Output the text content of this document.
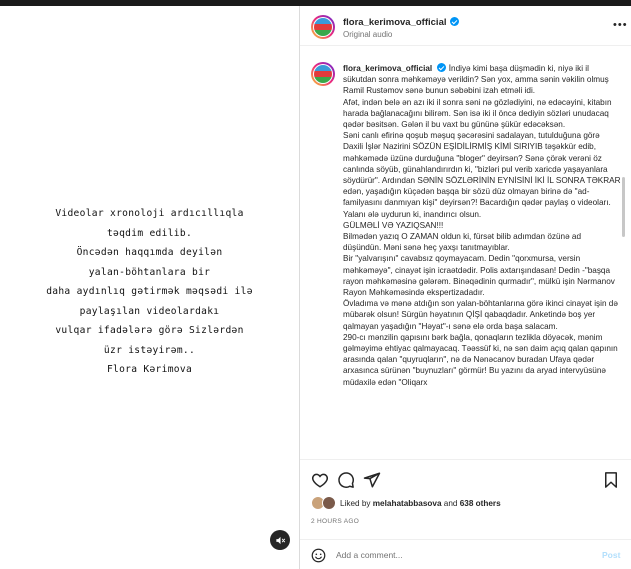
Videolar xronoloji ardıcıllıqla
təqdim edilib.
Öncədən haqqımda deyilən
yalan-böhtanlara bir
daha aydınlıq gətirmək məqsədi ilə
paylaşılan videolardakı
vulqar ifadələrə görə Sizlərdən
üzr istəyirəm..
Flora Kərimova
flora_kerimova_official
Original audio
•••
flora_kerimova_official İndiyə kimi başa düşmədin ki, niyə iki il sükutdan sonra məhkəməyə verildin? Sən yox, amma sənin vəkilin olmuş Ramil Rustəmov sənə bunun səbəbini izah etməli idi.
Afət, indən belə ən azı iki il sonra səni nə gözlədiyini, nə edəcəyini, kitabın harada bağlanacağını bilirəm. Sən isə iki il öncə dediyin sözləri unudacaq qədər bəsitsən. Gələn il bu vaxt bu gününə şükür edəcəksən.
Səni canlı efirinə qoşub məşuq şəcərəsini sadalayan, tutulduğuna görə Daxili İşlər Nazirini SÖZÜN EŞİDİLİRMİŞ KİMİ SIRIYIB təşəkkür edib, məhkəmədə üzünə durduğuna "bloger" deyirsən? Sənə çörək verəni öz canlında söyüb, günahlandırırdın ki, "bizləri pul verib xaricdə yaşayanlara söydürür". Ardından SƏNİN SÖZLƏRİNİN EYNİSİNİ İKİ İL SONRA TƏKRAR edən, yaşadığın küçədən başqa bir sözü düz olmayan birinə də "ad-familyasını danmıyan kişi" deyirsən?! Bacardığın qədər paylaş o videoları. Yalanı ələ uydurun ki, inandırıcı olsun.
GÜLMƏLİ VƏ YAZIQSAN!!!
Bilmədən yazıq O ZAMAN oldun ki, fürsət bilib adımdan özünə ad düşündün. Məni sənə heç yaxşı tanıtmayıblar.
Bir "yalvarışını" cavabsız qoymayacam. Dedin "qorxmursa, versin məhkəməyə", cinayət işin icraətdədir. Polis axtarışındasan! Dedin -"başqa rayon məhkəməsinə gələrəm. Binəqədinin qurmadır", mülkü işin Nərmanov Rayon Məhkəməsində ekspertizadadır.
Övladıma və mənə atdığın son yalan-böhtanlarına görə ikinci cinayət işin də mübarək olsun! Sürgün həyatının QİŞİ qabaqdadır. Anketində boş yer qalmayan yaşadığın "Həyat"-ı sənə elə orda başa salacam.
290-cı mənzilin qapısını bərk bağla, qonaqların tezlikla döyəcək, mənim gəlməyimə ehtiyac qalmayacaq. Təəssüf ki, nə sən daim açıq qalan qapının arasında qalan "quyruqların", nə də Nənəcanov buradan Ufaya qədər arxasınca sürünən "buynuzları" görmür! Bu yazını da aryad intervyüsünə müdaxilə edən "Oliqarx
Liked by melahatabbasova and 638 others
2 HOURS AGO
Add a comment...
Post
